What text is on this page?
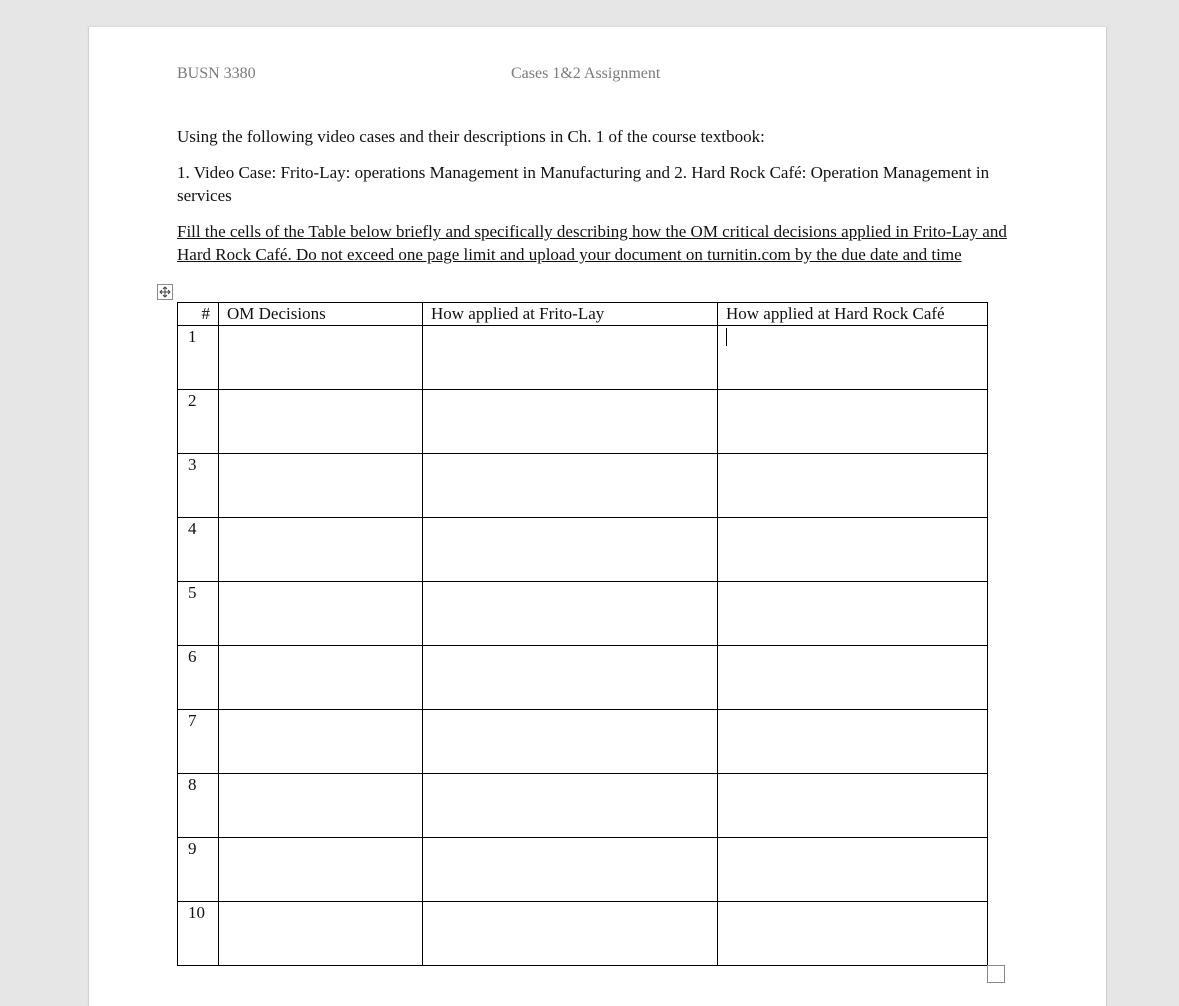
BUSN 3380	Cases 1&2 Assignment
Using the following video cases and their descriptions in Ch. 1 of the course textbook:
1. Video Case: Frito-Lay: operations Management in Manufacturing and 2. Hard Rock Café: Operation Management in services
Fill the cells of the Table below briefly and specifically describing how the OM critical decisions applied in Frito-Lay and Hard Rock Café. Do not exceed one page limit and upload your document on turnitin.com by the due date and time
#	OM Decisions	How applied at Frito-Lay	How applied at Hard Rock Café
1			
2			
3			
4			
5			
6			
7			
8			
9			
10			
